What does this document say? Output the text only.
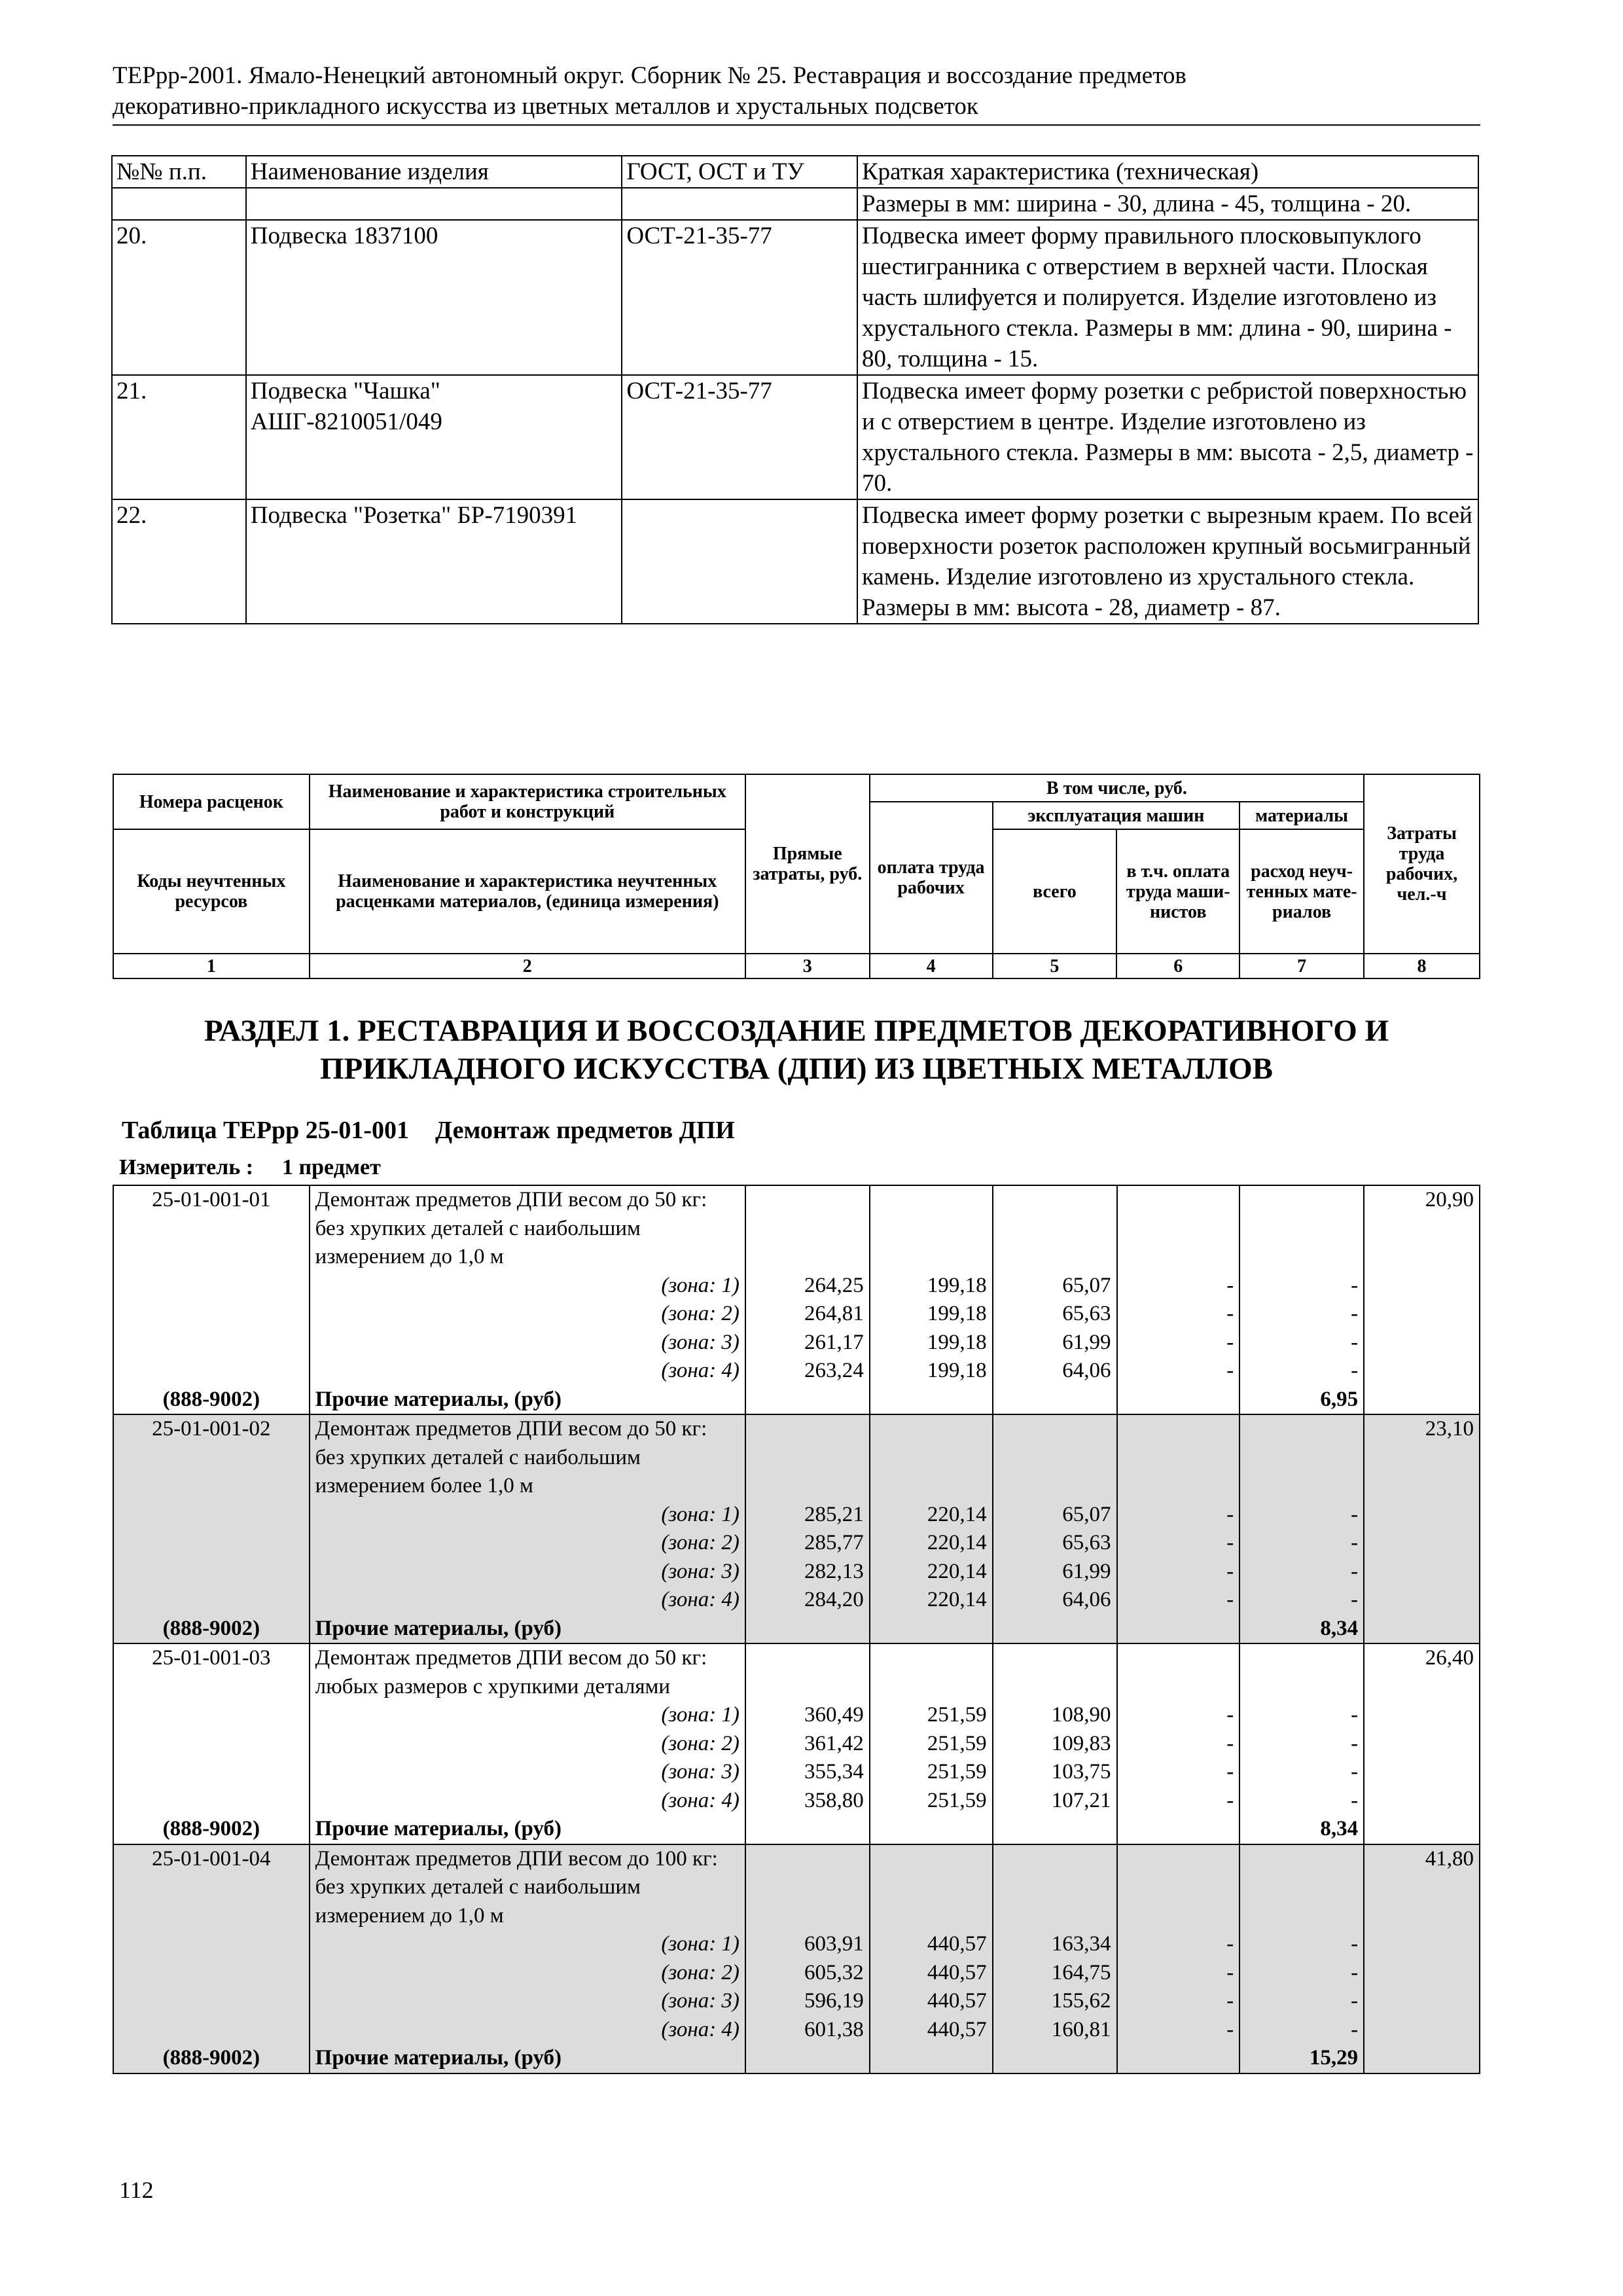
ТЕРрр-2001. Ямало-Ненецкий автономный округ. Сборник № 25. Реставрация и воссоздание предметов
декоративно-прикладного искусства из цветных металлов и хрустальных подсветок
№№ п.п.	Наименование изделия	ГОСТ, ОСТ и ТУ	Краткая характеристика (техническая)
			Размеры в мм: ширина - 30, длина - 45, толщина - 20.
20.	Подвеска 1837100	ОСТ-21-35-77	Подвеска имеет форму правильного плосковыпуклого шестигранника с отверстием в верхней части. Плоская часть шлифуется и полируется. Изделие изготовлено из хрустального стекла. Размеры в мм: длина - 90, ширина - 80, толщина - 15.
21.	Подвеска "Чашка" АШГ-8210051/049	ОСТ-21-35-77	Подвеска имеет форму розетки с ребристой поверхностью и с отверстием в центре. Изделие изготовлено из хрустального стекла. Размеры в мм: высота - 2,5, диаметр - 70.
22.	Подвеска "Розетка" БР-7190391		Подвеска имеет форму розетки с вырезным краем. По всей поверхности розеток расположен крупный восьмигранный камень. Изделие изготовлено из хрустального стекла. Размеры в мм: высота - 28, диаметр - 87.
Номера расценок	Наименование и характеристика строительных работ и конструкций	Прямые затраты, руб.	В том числе, руб.				Затраты труда рабочих, чел.-ч
			оплата труда рабочих	эксплуатация машин		материалы	
Коды неучтенных ресурсов	Наименование и характеристика неучтенных расценками материалов, (единица измерения)			всего	в т.ч. оплата труда маши-нистов	расход неуч-тенных мате-риалов	
1	2	3	4	5	6	7	8
РАЗДЕЛ 1. РЕСТАВРАЦИЯ И ВОССОЗДАНИЕ ПРЕДМЕТОВ ДЕКОРАТИВНОГО И ПРИКЛАДНОГО ИСКУССТВА (ДПИ) ИЗ ЦВЕТНЫХ МЕТАЛЛОВ
Таблица ТЕРрр 25-01-001 Демонтаж предметов ДПИ
Измеритель : 1 предмет
25-01-001-01	Демонтаж предметов ДПИ весом до 50 кг: без хрупких деталей с наибольшим измерением до 1,0 м						20,90
	(зона: 1)	264,25	199,18	65,07	-	-	
	(зона: 2)	264,81	199,18	65,63	-	-	
	(зона: 3)	261,17	199,18	61,99	-	-	
	(зона: 4)	263,24	199,18	64,06	-	-	
(888-9002)	Прочие материалы, (руб)					6,95	
25-01-001-02	Демонтаж предметов ДПИ весом до 50 кг: без хрупких деталей с наибольшим измерением более 1,0 м						23,10
	(зона: 1)	285,21	220,14	65,07	-	-	
	(зона: 2)	285,77	220,14	65,63	-	-	
	(зона: 3)	282,13	220,14	61,99	-	-	
	(зона: 4)	284,20	220,14	64,06	-	-	
(888-9002)	Прочие материалы, (руб)					8,34	
25-01-001-03	Демонтаж предметов ДПИ весом до 50 кг: любых размеров с хрупкими деталями						26,40
	(зона: 1)	360,49	251,59	108,90	-	-	
	(зона: 2)	361,42	251,59	109,83	-	-	
	(зона: 3)	355,34	251,59	103,75	-	-	
	(зона: 4)	358,80	251,59	107,21	-	-	
(888-9002)	Прочие материалы, (руб)					8,34	
25-01-001-04	Демонтаж предметов ДПИ весом до 100 кг: без хрупких деталей с наибольшим измерением до 1,0 м						41,80
	(зона: 1)	603,91	440,57	163,34	-	-	
	(зона: 2)	605,32	440,57	164,75	-	-	
	(зона: 3)	596,19	440,57	155,62	-	-	
	(зона: 4)	601,38	440,57	160,81	-	-	
(888-9002)	Прочие материалы, (руб)					15,29	
112
